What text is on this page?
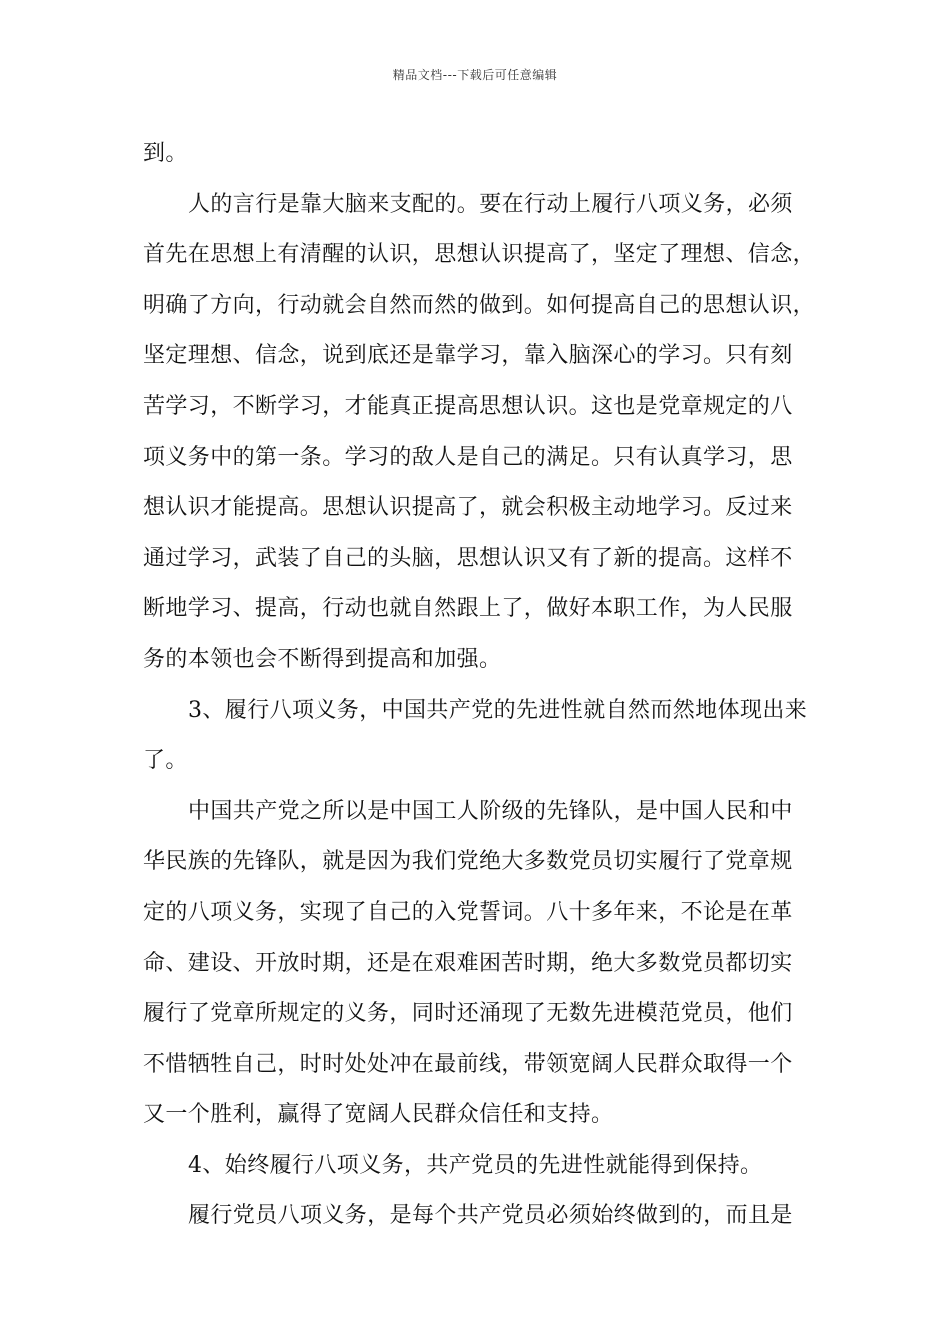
精品文档---下载后可任意编辑
到。
人的言行是靠大脑来支配的。要在行动上履行八项义务，必须
首先在思想上有清醒的认识，思想认识提高了，坚定了理想、信念，
明确了方向，行动就会自然而然的做到。如何提高自己的思想认识，
坚定理想、信念，说到底还是靠学习，靠入脑深心的学习。只有刻
苦学习，不断学习，才能真正提高思想认识。这也是党章规定的八
项义务中的第一条。学习的敌人是自己的满足。只有认真学习，思
想认识才能提高。思想认识提高了，就会积极主动地学习。反过来
通过学习，武装了自己的头脑，思想认识又有了新的提高。这样不
断地学习、提高，行动也就自然跟上了，做好本职工作，为人民服
务的本领也会不断得到提高和加强。
3、履行八项义务，中国共产党的先进性就自然而然地体现出来
了。
中国共产党之所以是中国工人阶级的先锋队，是中国人民和中
华民族的先锋队，就是因为我们党绝大多数党员切实履行了党章规
定的八项义务，实现了自己的入党誓词。八十多年来，不论是在革
命、建设、开放时期，还是在艰难困苦时期，绝大多数党员都切实
履行了党章所规定的义务，同时还涌现了无数先进模范党员，他们
不惜牺牲自己，时时处处冲在最前线，带领宽阔人民群众取得一个
又一个胜利，赢得了宽阔人民群众信任和支持。
4、始终履行八项义务，共产党员的先进性就能得到保持。
履行党员八项义务，是每个共产党员必须始终做到的，而且是
